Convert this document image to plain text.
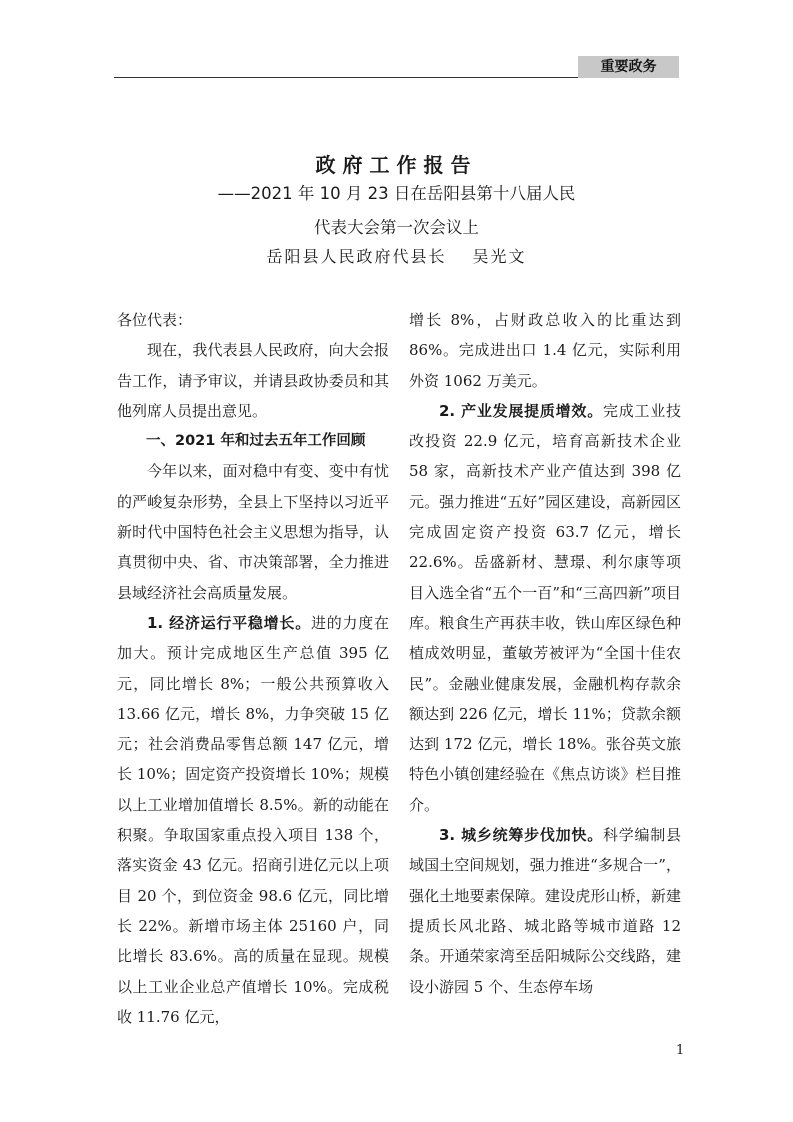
重要政务
政府工作报告
——2021 年 10 月 23 日在岳阳县第十八届人民
代表大会第一次会议上
岳阳县人民政府代县长 吴光文

各位代表：

现在，我代表县人民政府，向大会报告工作，请予审议，并请县政协委员和其他列席人员提出意见。

一、2021 年和过去五年工作回顾

今年以来，面对稳中有变、变中有忧的严峻复杂形势，全县上下坚持以习近平新时代中国特色社会主义思想为指导，认真贯彻中央、省、市决策部署，全力推进县域经济社会高质量发展。

1. 经济运行平稳增长。进的力度在加大。预计完成地区生产总值 395 亿元，同比增长 8%；一般公共预算收入 13.66 亿元，增长 8%，力争突破 15 亿元；社会消费品零售总额 147 亿元，增长 10%；固定资产投资增长 10%；规模以上工业增加值增长 8.5%。新的动能在积聚。争取国家重点投入项目 138 个，落实资金 43 亿元。招商引进亿元以上项目 20 个，到位资金 98.6 亿元，同比增长 22%。新增市场主体 25160 户，同比增长 83.6%。高的质量在显现。规模以上工业企业总产值增长 10%。完成税收 11.76 亿元，

增长 8%，占财政总收入的比重达到 86%。完成进出口 1.4 亿元，实际利用外资 1062 万美元。

2. 产业发展提质增效。完成工业技改投资 22.9 亿元，培育高新技术企业 58 家，高新技术产业产值达到 398 亿元。强力推进“五好”园区建设，高新园区完成固定资产投资 63.7 亿元，增长 22.6%。岳盛新材、慧璟、利尔康等项目入选全省“五个一百”和“三高四新”项目库。粮食生产再获丰收，铁山库区绿色种植成效明显，董敏芳被评为“全国十佳农民”。金融业健康发展，金融机构存款余额达到 226 亿元，增长 11%；贷款余额达到 172 亿元，增长 18%。张谷英文旅特色小镇创建经验在《焦点访谈》栏目推介。

3. 城乡统筹步伐加快。科学编制县域国土空间规划，强力推进“多规合一”，强化土地要素保障。建设虎形山桥，新建提质长风北路、城北路等城市道路 12 条。开通荣家湾至岳阳城际公交线路，建设小游园 5 个、生态停车场

1
